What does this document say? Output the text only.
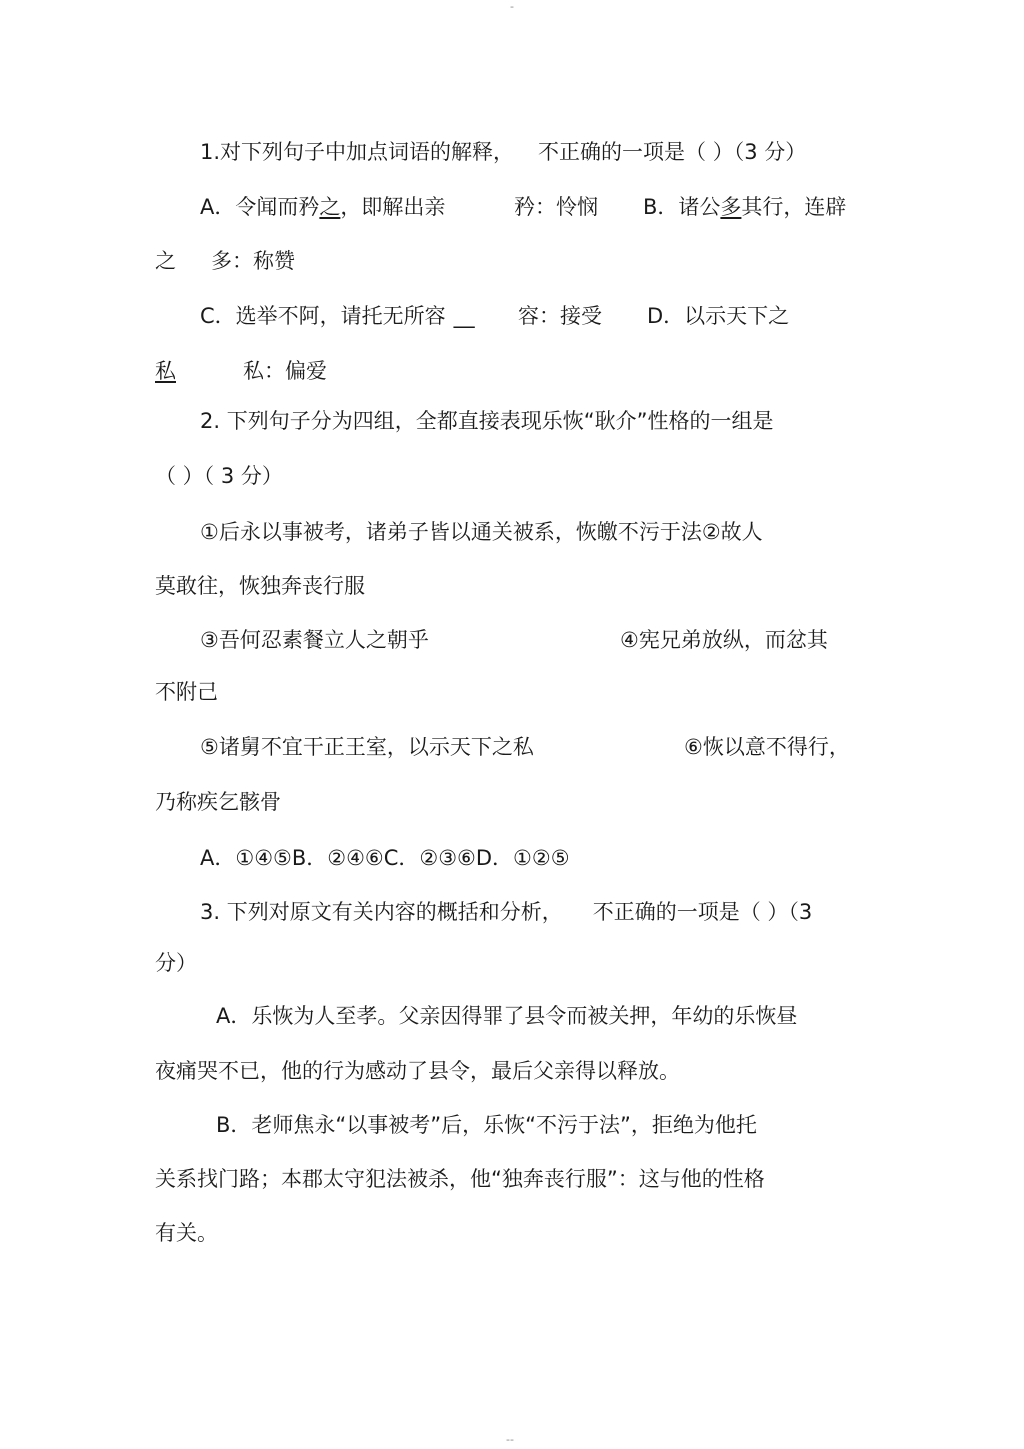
-
1.对下列句子中加点词语的解释， 不正确的一项是（ ）（3 分）
A．令闻而矜之，即解出亲	矜：怜悯 B．诸公多其行，连辟
之 多：称赞
C．选举不阿，请托无所容 __ 容：接受 D．以示天下之
私	私：偏爱
2. 下列句子分为四组，全都直接表现乐恢“耿介”性格的一组是
（ ）（ 3 分）
①后永以事被考，诸弟子皆以通关被系，恢皦不污于法②故人
莫敢往，恢独奔丧行服
③吾何忍素餐立人之朝乎	④宪兄弟放纵，而忿其
不附己
⑤诸舅不宜干正王室，以示天下之私	⑥恢以意不得行，
乃称疾乞骸骨
A．①④⑤B．②④⑥C．②③⑥D．①②⑤
3. 下列对原文有关内容的概括和分析， 不正确的一项是（ ）（3
分）
A．乐恢为人至孝。父亲因得罪了县令而被关押，年幼的乐恢昼
夜痛哭不已，他的行为感动了县令，最后父亲得以释放。
B．老师焦永“以事被考”后，乐恢“不污于法”，拒绝为他托
关系找门路；本郡太守犯法被杀，他“独奔丧行服”：这与他的性格
有关。
--
